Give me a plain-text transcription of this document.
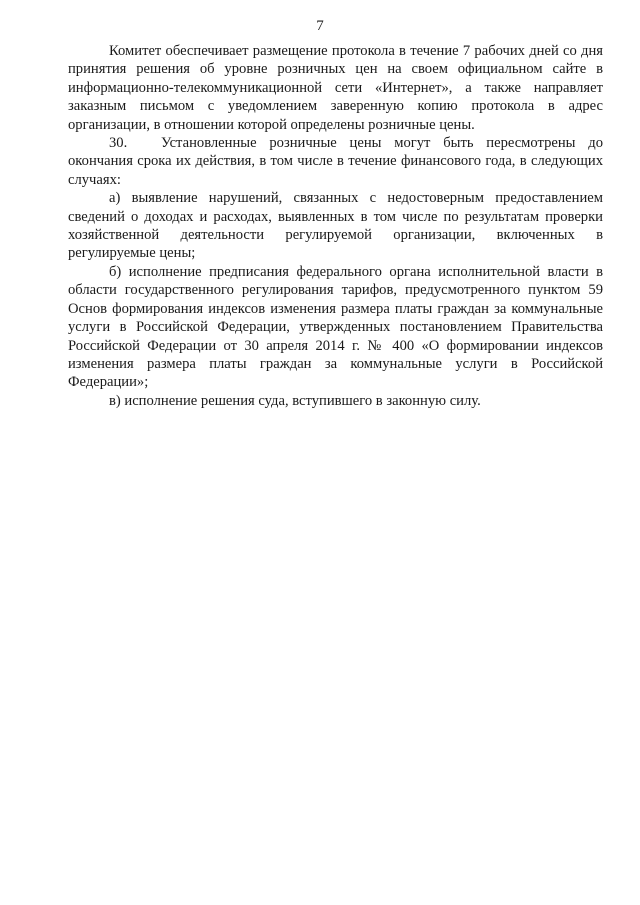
7

Комитет обеспечивает размещение протокола в течение 7 рабочих дней со дня принятия решения об уровне розничных цен на своем официальном сайте в информационно-телекоммуникационной сети «Интернет», а также направляет заказным письмом с уведомлением заверенную копию протокола в адрес организации, в отношении которой определены розничные цены.

30. Установленные розничные цены могут быть пересмотрены до окончания срока их действия, в том числе в течение финансового года, в следующих случаях:

а) выявление нарушений, связанных с недостоверным предоставлением сведений о доходах и расходах, выявленных в том числе по результатам проверки хозяйственной деятельности регулируемой организации, включенных в регулируемые цены;

б) исполнение предписания федерального органа исполнительной власти в области государственного регулирования тарифов, предусмотренного пунктом 59 Основ формирования индексов изменения размера платы граждан за коммунальные услуги в Российской Федерации, утвержденных постановлением Правительства Российской Федерации от 30 апреля 2014 г. № 400 «О формировании индексов изменения размера платы граждан за коммунальные услуги в Российской Федерации»;

в) исполнение решения суда, вступившего в законную силу.
